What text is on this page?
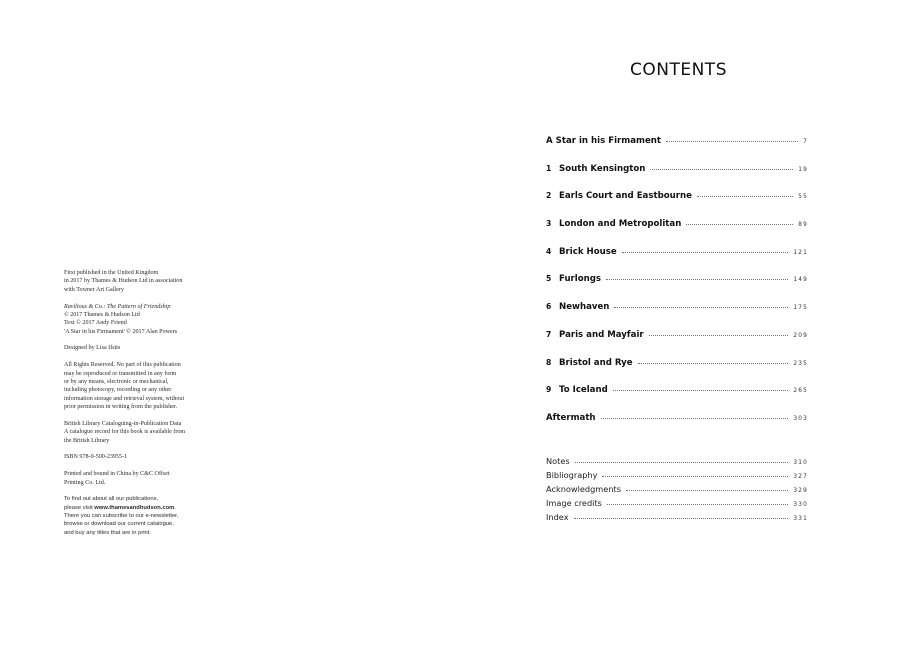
First published in the United Kingdom
in 2017 by Thames & Hudson Ltd in association
with Towner Art Gallery
Ravilious & Co.: The Pattern of Friendship
© 2017 Thames & Hudson Ltd
Text © 2017 Andy Friend
'A Star in his Firmament' © 2017 Alan Powers
Designed by Lisa Ifsits
All Rights Reserved. No part of this publication
may be reproduced or transmitted in any form
or by any means, electronic or mechanical,
including photocopy, recording or any other
information storage and retrieval system, without
prior permission in writing from the publisher.
British Library Cataloguing-in-Publication Data
A catalogue record for this book is available from
the British Library
ISBN 978-0-500-23955-1
Printed and bound in China by C&C Offset
Printing Co. Ltd.
To find out about all our publications,
please visit www.thamesandhudson.com.
There you can subscribe to our e-newsletter,
browse or download our current catalogue,
and buy any titles that are in print.
CONTENTS
A Star in his Firmament	7
1 South Kensington	19
2 Earls Court and Eastbourne	55
3 London and Metropolitan	89
4 Brick House	121
5 Furlongs	149
6 Newhaven	175
7 Paris and Mayfair	209
8 Bristol and Rye	235
9 To Iceland	265
Aftermath	303
Notes	310
Bibliography	327
Acknowledgments	329
Image credits	330
Index	331
